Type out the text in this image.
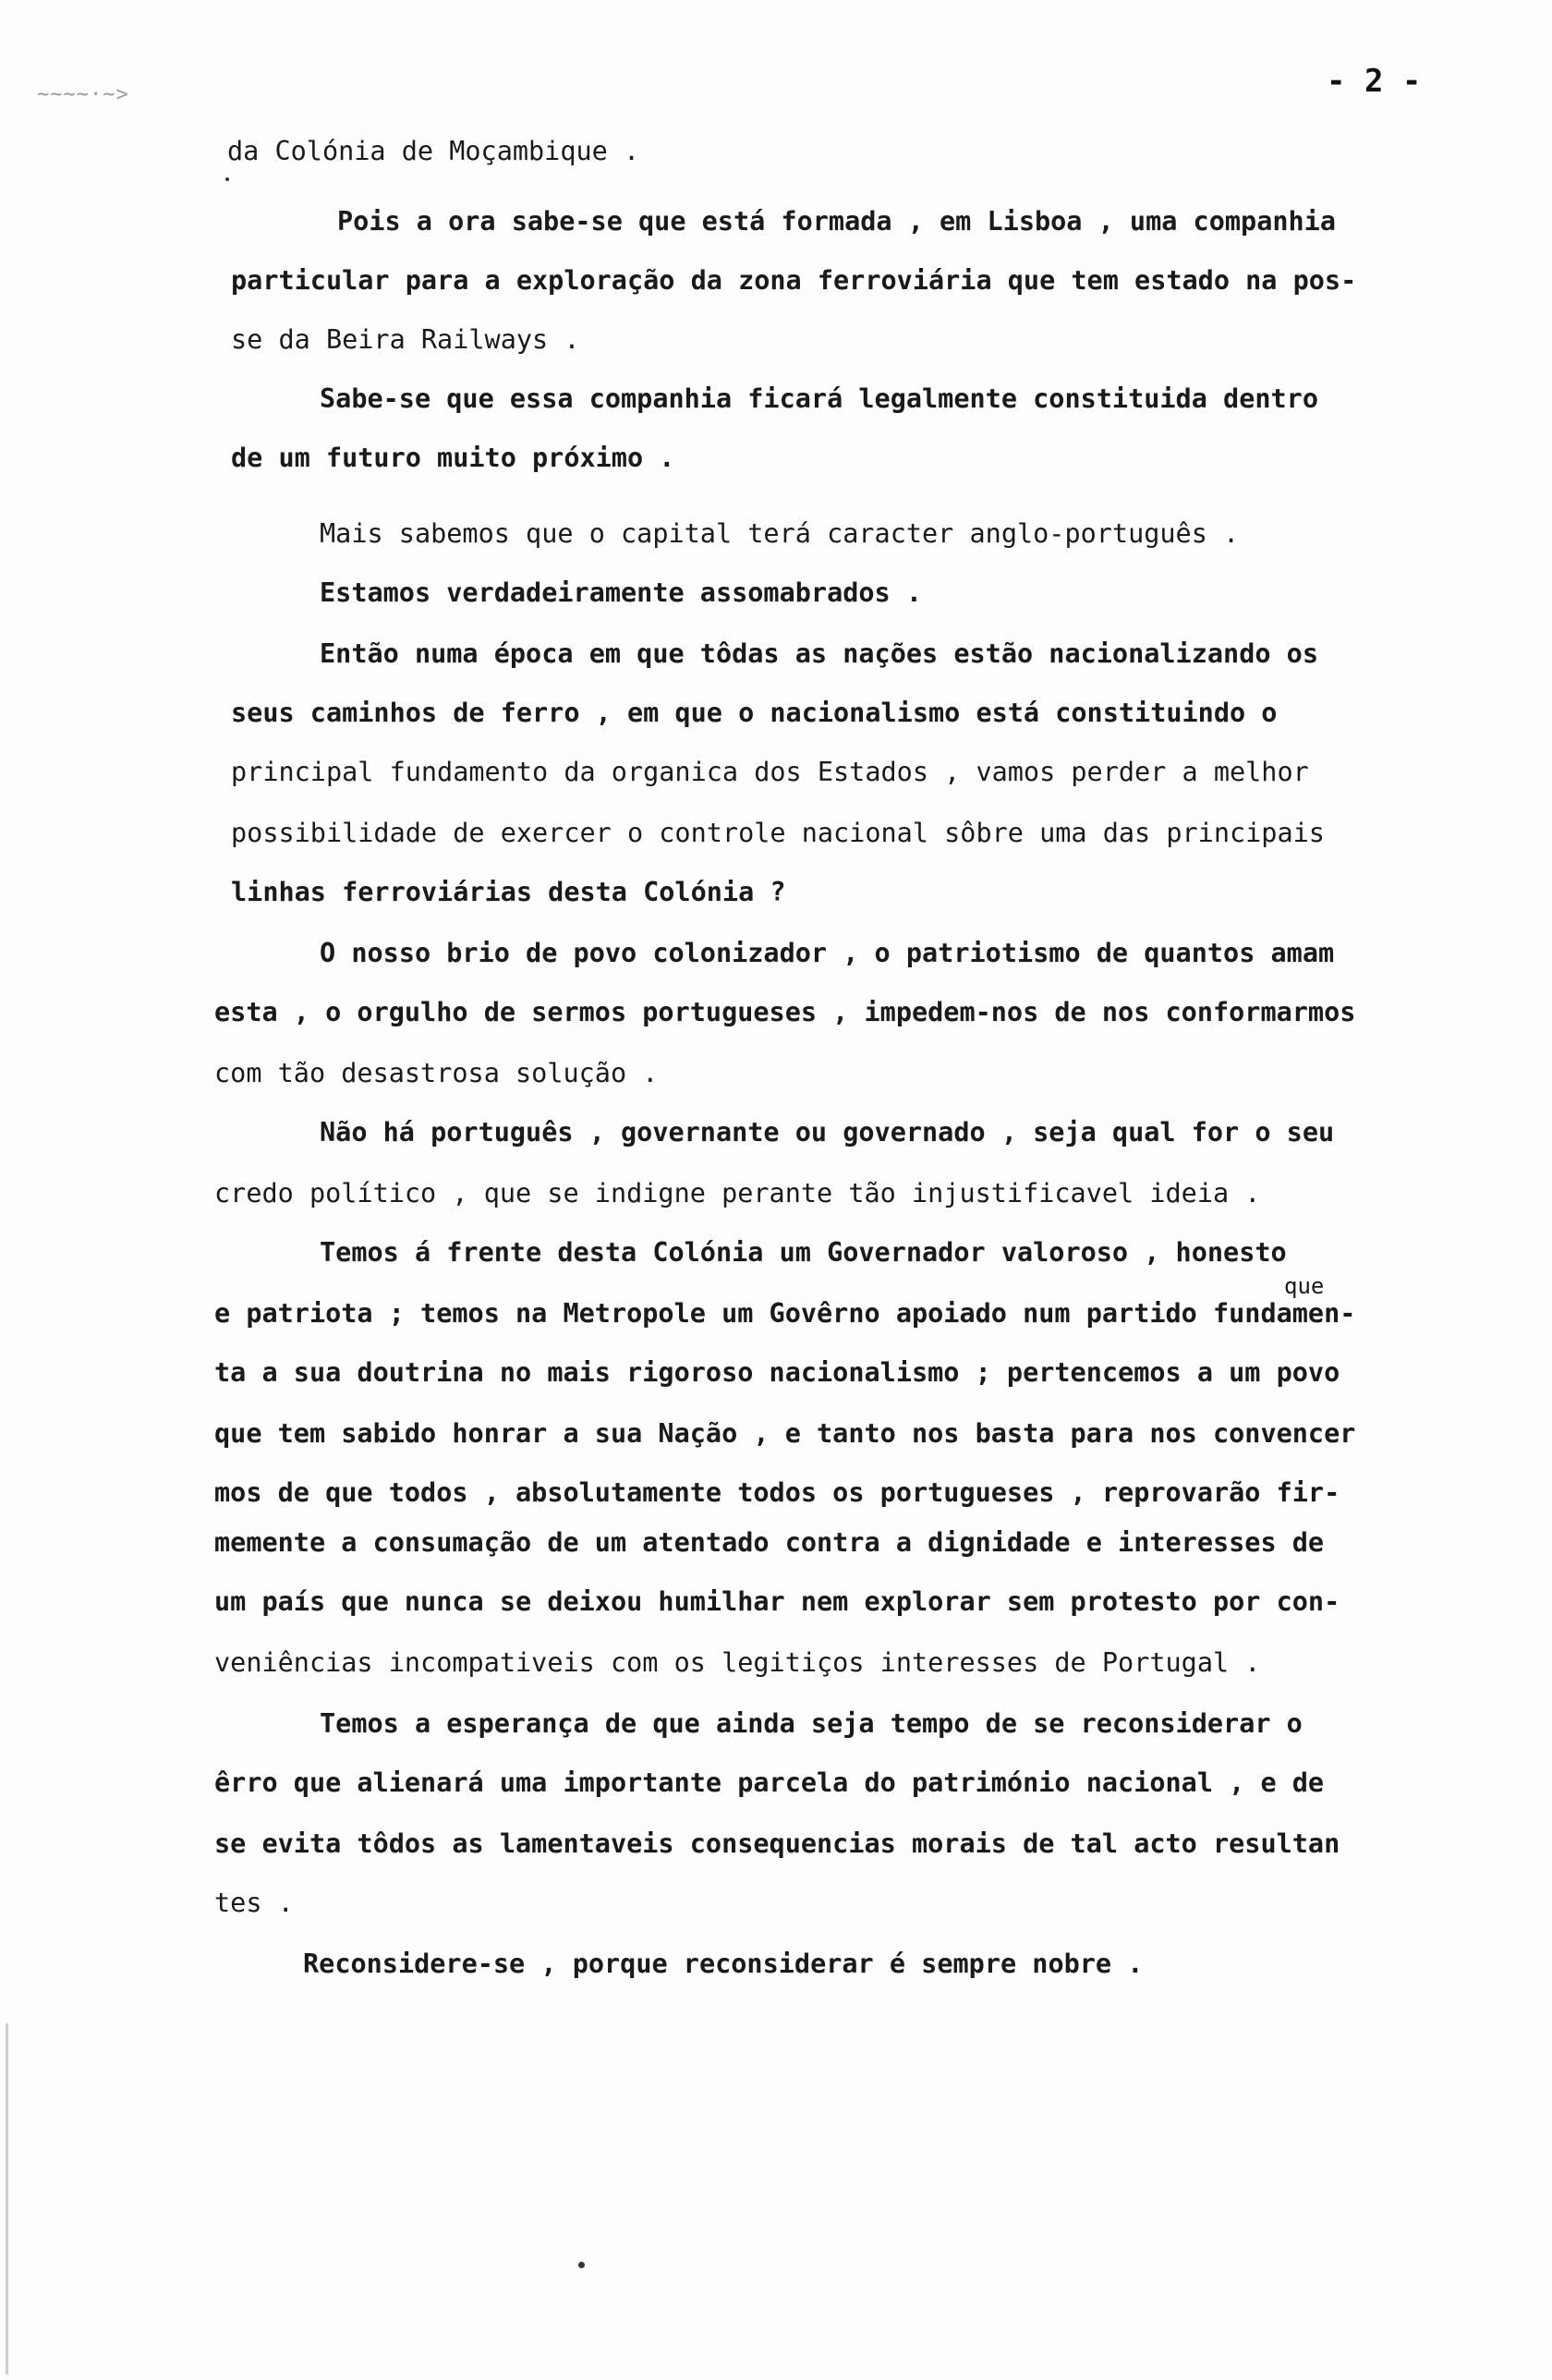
~~~~·~>	- 2 -
da Colónia de Moçambique .
Pois a ora sabe-se que está formada , em Lisboa , uma companhia
particular para a exploração da zona ferroviária que tem estado na pos-
se da Beira Railways .
Sabe-se que essa companhia ficará legalmente constituida dentro
de um futuro muito próximo .
Mais sabemos que o capital terá caracter anglo-português .
Estamos verdadeiramente assomabrados .
Então numa época em que tôdas as nações estão nacionalizando os
seus caminhos de ferro , em que o nacionalismo está constituindo o
principal fundamento da organica dos Estados , vamos perder a melhor
possibilidade de exercer o controle nacional sôbre uma das principais
linhas ferroviárias desta Colónia ?
O nosso brio de povo colonizador , o patriotismo de quantos amam
esta , o orgulho de sermos portugueses , impedem-nos de nos conformarmos
com tão desastrosa solução .
Não há português , governante ou governado , seja qual for o seu
credo político , que se indigne perante tão injustificavel ideia .
Temos á frente desta Colónia um Governador valoroso , honesto
que
e patriota ; temos na Metropole um Govêrno apoiado num partido fundamen-
ta a sua doutrina no mais rigoroso nacionalismo ; pertencemos a um povo
que tem sabido honrar a sua Nação , e tanto nos basta para nos convencer
mos de que todos , absolutamente todos os portugueses , reprovarão fir-
memente a consumação de um atentado contra a dignidade e interesses de
um país que nunca se deixou humilhar nem explorar sem protesto por con-
veniências incompativeis com os legitiços interesses de Portugal .
Temos a esperança de que ainda seja tempo de se reconsiderar o
êrro que alienará uma importante parcela do património nacional , e de
se evita tôdos as lamentaveis consequencias morais de tal acto resultan
tes .
Reconsidere-se , porque reconsiderar é sempre nobre .
